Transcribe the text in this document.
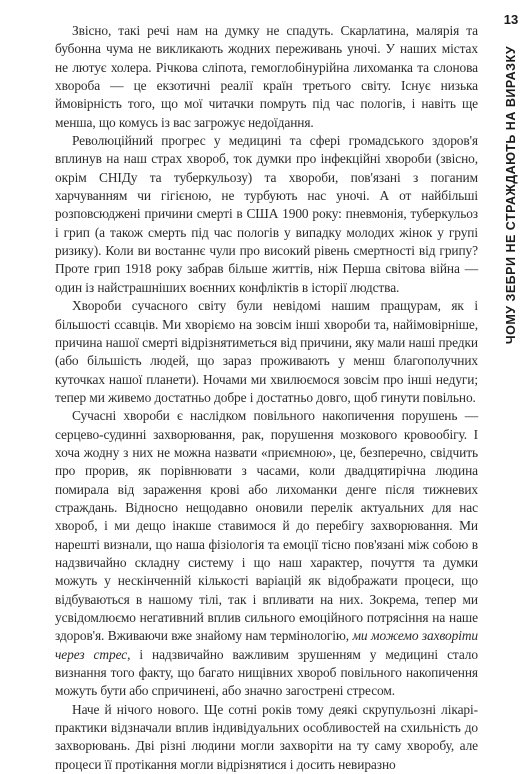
13
ЧОМУ ЗЕБРИ НЕ СТРАЖДАЮТЬ НА ВИРАЗКУ

Звісно, такі речі нам на думку не спадуть. Скарлатина, малярія та бубонна чума не викликають жодних переживань уночі. У наших містах не лютує холера. Річкова сліпота, гемоглобінурійна лихоманка та слонова хвороба — це екзотичні реалії країн третього світу. Існує низька ймовірність того, що мої читачки помруть під час пологів, і навіть ще менша, що комусь із вас загрожує недоїдання.

Революційний прогрес у медицині та сфері громадського здоров'я вплинув на наш страх хвороб, ток думки про інфекційні хвороби (звісно, окрім СНІДу та туберкульозу) та хвороби, пов'язані з поганим харчуванням чи гігієною, не турбують нас уночі. А от найбільші розповсюджені причини смерті в США 1900 року: пневмонія, туберкульоз і грип (а також смерть під час пологів у випадку молодих жінок у групі ризику). Коли ви востаннє чули про високий рівень смертності від грипу? Проте грип 1918 року забрав більше життів, ніж Перша світова війна — один із найстрашніших воєнних конфліктів в історії людства.

Хвороби сучасного світу були невідомі нашим пращурам, як і більшості ссавців. Ми хворіємо на зовсім інші хвороби та, найімовірніше, причина нашої смерті відрізнятиметься від причини, яку мали наші предки (або більшість людей, що зараз проживають у менш благополучних куточках нашої планети). Ночами ми хвилюємося зовсім про інші недуги; тепер ми живемо достатньо добре і достатньо довго, щоб гинути повільно.

Сучасні хвороби є наслідком повільного накопичення порушень — серцево-судинні захворювання, рак, порушення мозкового кровообігу. І хоча жодну з них не можна назвати «приємною», це, безперечно, свідчить про прорив, як порівнювати з часами, коли двадцятирічна людина помирала від зараження крові або лихоманки денге після тижневих страждань. Відносно нещодавно оновили перелік актуальних для нас хвороб, і ми дещо інакше ставимося й до перебігу захворювання. Ми нарешті визнали, що наша фізіологія та емоції тісно пов'язані між собою в надзвичайно складну систему і що наш характер, почуття та думки можуть у нескінченній кількості варіацій як відображати процеси, що відбуваються в нашому тілі, так і впливати на них. Зокрема, тепер ми усвідомлюємо негативний вплив сильного емоційного потрясіння на наше здоров'я. Вживаючи вже знайому нам термінологію, ми можемо захворіти через стрес, і надзвичайно важливим зрушенням у медицині стало визнання того факту, що багато нищівних хвороб повільного накопичення можуть бути або спричинені, або значно загострені стресом.

Наче й нічого нового. Ще сотні років тому деякі скрупульозні лікарі-практики відзначали вплив індивідуальних особливостей на схильність до захворювань. Дві різні людини могли захворіти на ту саму хворобу, але процеси її протікання могли відрізнятися і досить невиразно
